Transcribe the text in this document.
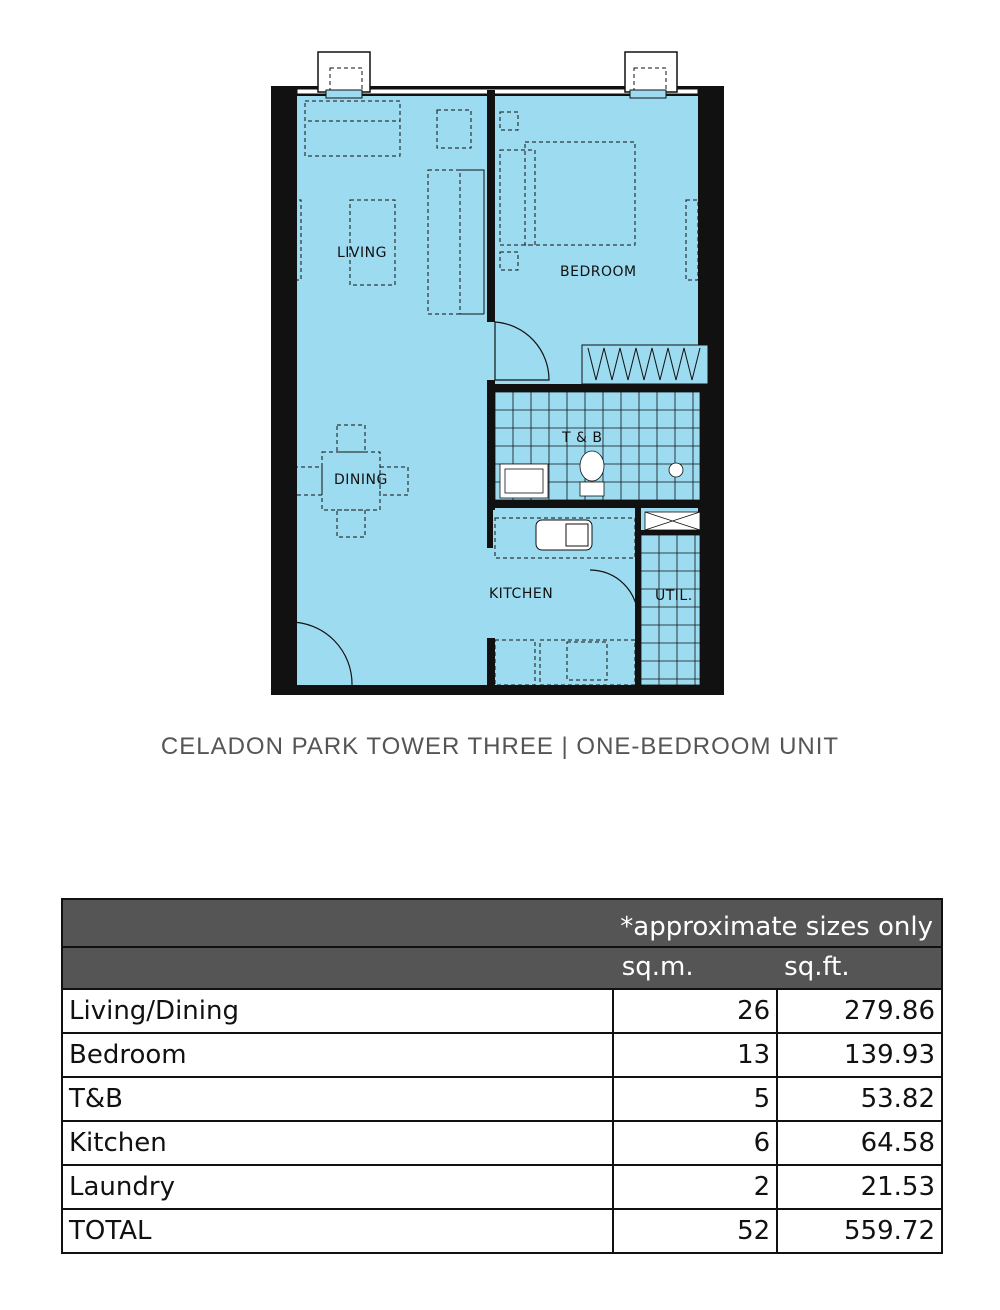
LIVING
BEDROOM
T & B
DINING
KITCHEN	UTIL.
CELADON PARK TOWER THREE | ONE-BEDROOM UNIT
*approximate sizes only		
	sq.m.	sq.ft.
Living/Dining	26	279.86
Bedroom	13	139.93
T&B	5	53.82
Kitchen	6	64.58
Laundry	2	21.53
TOTAL	52	559.72
